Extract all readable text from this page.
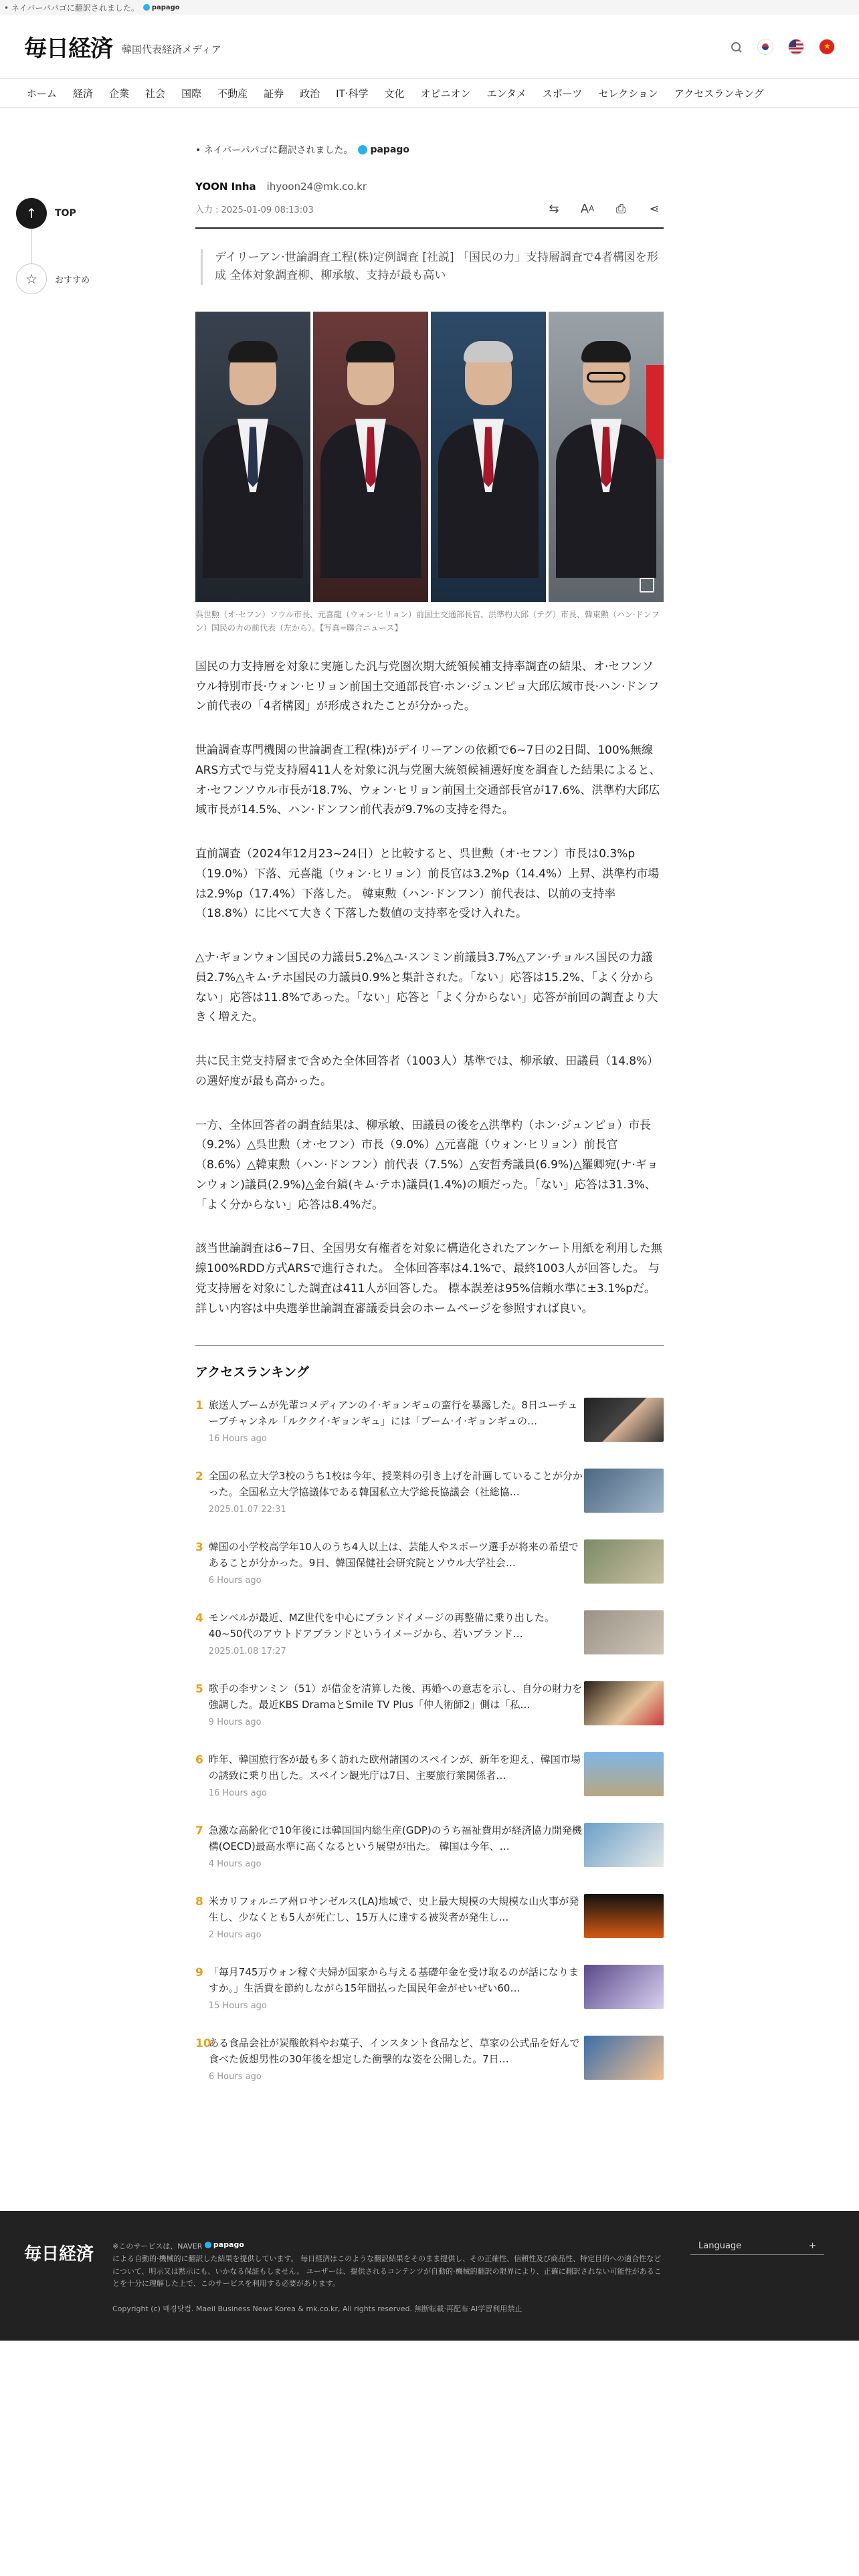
• ネイバーパパゴに翻訳されました。 papago
毎日経済 韓国代表経済メディア
★
ホーム 経済 企業 社会 国際 不動産 証券 政治 IT·科学 文化 オピニオン エンタメ スポーツ セレクション アクセスランキング
↑	TOP
☆	おすすめ
• ネイバーパパゴに翻訳されました。 papago
YOON Inha ihyoon24@mk.co.kr
入力 : 2025-01-09 08:13:03	⇆	A A	⎙	⋖
デイリーアン·世論調査工程(株)定例調査 [社説] 「国民の力」支持層調査で4者構図を形成 全体対象調査柳、柳承敏、支持が最も高い
呉世勲（オ·セフン）ソウル市長、元喜龍（ウォン·ヒリョン）前国土交通部長官、洪準杓大邱（テグ）市長、韓東勲（ハン·ドンフン）国民の力の前代表（左から）。【写真=聯合ニュース】

国民の力支持層を対象に実施した汎与党圏次期大統領候補支持率調査の結果、オ·セフンソウル特別市長·ウォン·ヒリョン前国土交通部長官·ホン·ジュンピョ大邱広域市長·ハン·ドンフン前代表の「4者構図」が形成されたことが分かった。

世論調査専門機関の世論調査工程(株)がデイリーアンの依頼で6~7日の2日間、100%無線ARS方式で与党支持層411人を対象に汎与党圏大統領候補選好度を調査した結果によると、オ·セフンソウル市長が18.7%、ウォン·ヒリョン前国土交通部長官が17.6%、洪準杓大邱広域市長が14.5%、ハン·ドンフン前代表が9.7%の支持を得た。

直前調査（2024年12月23~24日）と比較すると、呉世勲（オ·セフン）市長は0.3%p（19.0%）下落、元喜龍（ウォン·ヒリョン）前長官は3.2%p（14.4%）上昇、洪準杓市場は2.9%p（17.4%）下落した。 韓東勲（ハン·ドンフン）前代表は、以前の支持率（18.8%）に比べて大きく下落した数値の支持率を受け入れた。

△ナ·ギョンウォン国民の力議員5.2%△ユ·スンミン前議員3.7%△アン·チョルス国民の力議員2.7%△キム·テホ国民の力議員0.9%と集計された。「ない」応答は15.2%、「よく分からない」応答は11.8%であった。「ない」応答と「よく分からない」応答が前回の調査より大きく増えた。

共に民主党支持層まで含めた全体回答者（1003人）基準では、柳承敏、田議員（14.8%）の選好度が最も高かった。

一方、全体回答者の調査結果は、柳承敏、田議員の後を△洪準杓（ホン·ジュンピョ）市長（9.2%）△呉世勲（オ·セフン）市長（9.0%）△元喜龍（ウォン·ヒリョン）前長官（8.6%）△韓東勲（ハン·ドンフン）前代表（7.5%）△安哲秀議員(6.9%)△羅卿宛(ナ·ギョンウォン)議員(2.9%)△金台鎬(キム·テホ)議員(1.4%)の順だった。「ない」応答は31.3%、「よく分からない」応答は8.4%だ。

該当世論調査は6~7日、全国男女有権者を対象に構造化されたアンケート用紙を利用した無線100%RDD方式ARSで進行された。 全体回答率は4.1%で、最終1003人が回答した。 与党支持層を対象にした調査は411人が回答した。 標本誤差は95%信頼水準に±3.1%pだ。 詳しい内容は中央選挙世論調査審議委員会のホームページを参照すれば良い。

アクセスランキング
1 旅送人ブームが先輩コメディアンのイ·ギョンギュの蛮行を暴露した。8日ユーチューブチャンネル「ルククイ·ギョンギュ」には「ブーム·イ·ギョンギュの…
16 Hours ago
2 全国の私立大学3校のうち1校は今年、授業料の引き上げを計画していることが分かった。全国私立大学協議体である韓国私立大学総長協議会（社総協…
2025.01.07 22:31
3 韓国の小学校高学年10人のうち4人以上は、芸能人やスポーツ選手が将来の希望であることが分かった。9日、韓国保健社会研究院とソウル大学社会…
6 Hours ago
4 モンベルが最近、MZ世代を中心にブランドイメージの再整備に乗り出した。40~50代のアウトドアブランドというイメージから、若いブランド…
2025.01.08 17:27
5 歌手の李サンミン（51）が借金を清算した後、再婚への意志を示し、自分の財力を強調した。最近KBS DramaとSmile TV Plus「仲人術師2」側は「私…
9 Hours ago
6 昨年、韓国旅行客が最も多く訪れた欧州諸国のスペインが、新年を迎え、韓国市場の誘致に乗り出した。スペイン観光庁は7日、主要旅行業関係者…
16 Hours ago
7 急激な高齢化で10年後には韓国国内総生産(GDP)のうち福祉費用が経済協力開発機構(OECD)最高水準に高くなるという展望が出た。 韓国は今年、…
4 Hours ago
8 米カリフォルニア州ロサンゼルス(LA)地域で、史上最大規模の大規模な山火事が発生し、少なくとも5人が死亡し、15万人に達する被災者が発生し…
2 Hours ago
9 「毎月745万ウォン稼ぐ夫婦が国家から与える基礎年金を受け取るのが話になりますか。」生活費を節約しながら15年間払った国民年金がせいぜい60…
15 Hours ago
10
ある食品会社が炭酸飲料やお菓子、インスタント食品など、草家の公式品を好んで食べた仮想男性の30年後を想定した衝撃的な姿を公開した。7日…
6 Hours ago
毎日経済	※このサービスは、NAVER papago

による自動的·機械的に翻訳した結果を提供しています。 毎日経済はこのような翻訳結果をそのまま提供し、その正確性、信頼性及び商品性、特定目的への適合性などについて、明示又は黙示にも、いかなる保証もしません。 ユーザーは、提供されるコンテンツが自動的·機械的翻訳の限界により、正確に翻訳されない可能性があることを十分に理解した上で、このサービスを利用する必要があります。
Copyright (c) 매경닷컴. Maeil Business News Korea & mk.co.kr, All rights reserved. 無断転載·再配布·AI学習利用禁止
Language	+
